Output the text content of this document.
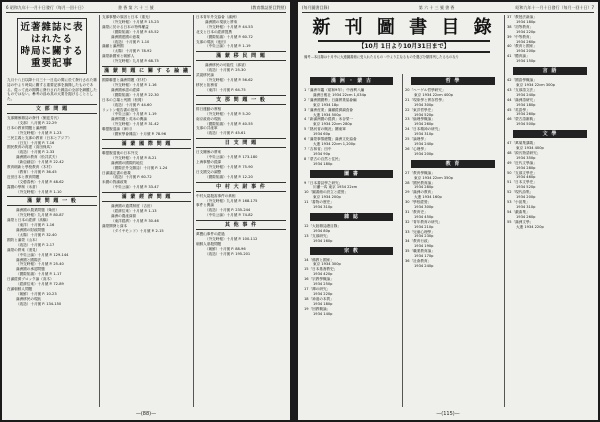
6 昭和九年十一月十日發行（每月一回十日）	書 香 第 六 十 三 號	(教育雜誌要目對照)
近著雜誌に表はれたる
時局に關する重要記事
九月十八日以降十月三十一日迄の間に於て發行された雜誌の中より時局に關する重要記事を摘錄したものである。從って此の期間に發行された雜誌の全部を網羅したものではない。參考の爲め其の大要を掲げることとした。
文 部 問 題
支那關係雜誌の發刊（劉廷芳氏）
（支那）八月號 P. 22-29
日本の教育問題と滿洲國
（外交時報）十月號 P. 1-23
三民主義と支那の教育（日本とアジア）
（日支）十月號 P. 7-16
國民教育の再建（高田保馬）
（改造）十月號 P. 2-33
滿洲國の教育（松井武夫）
（新亞細亞）十月號 P. 22-42
教育刷新と學校教育（木村）
（教育）十月號 P. 36-45
近世日本と教育問題
（文藝春秋）十月號 P. 48-62
露國の學制（米倉）
（外交時報）十月號 P. 1-10
滿 蒙 問 題 一 般
滿洲國の農業問題（柴田）
（外交時報）九月號 P. 80-87
滿蒙と日本の經濟（高橋）
（東洋）十月號 P. 1-16
滿洲國の財政問題
（太陽）十月號 P. 32-40
國防と滿蒙（山本）
（改造）十月號 P. 2-17
滿蒙の將來（淺見）
（中央公論）十月號 P. 129-144
滿洲國と國際法
（外交時報）十月號 P. 25-40
滿洲國の承認問題
（國際知識）十月號 P. 1-17
日滿經濟ブロック論（高木）
（經濟往來）十月號 P. 72-89
在滿朝鮮人問題
（朝鮮）十月號 P. 10-23
滿洲移民の現狀
（改造）十月號 P. 134-150
支那事變の原因と日本（重光）
（外交時報）十月號 P. 15-23
滿蒙に於ける日本の特殊權益
（國際知識）十月號 P. 45-52
滿洲國建國の意義
（改造）十月號 P. 1-10
滿鐵と滿洲國
（太陽）十月號 P. 78-92
滿蒙新國家と朝鮮人
（外交時報）九月號 P. 68-75
滿 蒙 問 題 に 關 す る 論 議
國際聯盟と滿洲問題（杉村）
（外交時報）十月號 P. 1-16
滿洲國承認の經緯
（國際知識）十月號 P. 22-30
日本の立場と列國（松岡）
（改造）十月號 P. 44-60
リットン報告書の批判
（中央公論）十月號 P. 1-19
滿洲問題と英米の輿論
（外交時報）十月號 P. 31-42
聯盟脫退論（神川）
（國家學會雜誌）十月號 P. 78-96
滿 蒙 國 際 問 題
聯盟脫退後の日本外交
（外交時報）十月號 P. 8-21
滿洲國の國際的地位
（國際法外交雜誌）十月號 P. 1-24
日滿議定書の意義
（改造）十月號 P. 60-72
米國の對滿政策
（中央公論）十月號 P. 33-47
滿 蒙 經 濟 問 題
滿洲國の通貨制度（吉田）
（經濟往來）十月號 P. 1-13
滿洲の農產資源
（東洋經濟）十月號 P. 30-46
滿蒙開發と資本
（ダイヤモンド）十月號 P. 2-15
日本青年外交協會（滿洲）
滿洲國の現狀と將來
（外交時報）十月號 P. 44-53
北支と日本の經濟提携
（國際知識）十月號 P. 60-72
支那の現狀（池田）
（中央公論）十月號 P. 1-19
滿 蒙 移 民 問 題
滿洲移民の可能性（那須）
（改造）十月號 P. 25-30
武裝移民論
（外交時報）十月號 P. 56-62
移民と拓務省
（東洋）十月號 P. 64-75
支 那 問 題 一 般
排日運動の實相
（外交時報）十月號 P. 5-20
南京政府の現狀
（國際知識）十月號 P. 40-55
支那の共產軍
（改造）十月號 P. 45-61
日 支 問 題
日支關係の將來
（中央公論）十月號 P. 173-180
上海事變の經緯
（外交時報）十月號 P. 75-90
日支國交の調整
（國際知識）十月號 P. 12-20
中 村 大 尉 事 件
中村大尉殺害事件の眞相
（外交時報）九月號 P. 168-175
事件と輿論
（改造）十月號 P. 235-244
（中央公論）十月號 P. 74-82
其 他 事 件
萬寶山事件の經過
（外交時報）十月號 P. 100-112
朝鮮人虐殺問題
（朝鮮）十月號 P. 88-96
（改造）十月號 P. 195-201
—(88)—
(每月圖書目錄)	第 六 十 三 號 書 香	昭和九年十一月十日發行（每月一回十日）7
新 刊 圖 書 目 錄
【10月 1日より10月31日まで】
備考…本目錄は十月中に大連圖書館に受入れたるものゝ中より主なるものを選び分類排列したるものなり
滿 洲 ・ 蒙 古
1「滿洲年鑑（昭和9年）」中西利八編
滿洲日報社 1934 22cm 1,034p
2「滿洲國國勢」日滿實業協會編
東京 1934 18p
3「滿洲産業」滿鐵經濟調査會
大連 1934 500p
4「新滿洲國の經濟」米谷榮一
東京 1934 22cm 280p
5「熱河省の概況」關東軍
1934 60p
6「滿蒙事情總覽」滿洲文化協會
大連 1934 22cm 1,200p
7「吉林省」田中
1934 90p
8「蒙古の自然と住民」
1934 180p
圖 書
9「日本書誌學之研究」
川瀬一馬 東京 1934 22cm
10「圖書館の設立と經營」
東京 1934 200p
11「書物の歴史」
1934 310p
雜 誌
12「大陸雜誌總目錄」
1934 80p
13「支那研究」
1934 160p
宗 教
14「佛教と國家」
東京 1934 300p
15「日本基督教史」
1934 420p
16「宗教學概論」
1934 250p
17「禪の研究」
1934 220p
18「神道の本質」
1934 180p
19「回教概論」
1934 140p
哲 學
20「ヘーゲル哲學研究」
東京 1934 22cm 400p
21「現象學と實存哲學」
1934 300p
22「東洋哲學史」
1934 520p
23「倫理學概論」
1934 260p
24「日本精神の研究」
1934 310p
25「論理學」
1934 240p
26「心理學」
1934 200p
教 育
27「教育學概論」
東京 1934 22cm 350p
28「國民教育論」
1934 280p
29「滿洲の教育」
大連 1934 160p
30「學校經營」
1934 300p
31「教育史」
1934 450p
32「青年教育の研究」
1934 210p
33「兒童心理學」
1934 230p
34「教育行政」
1934 190p
35「職業教育論」
1934 170p
36「社會教育」
1934 240p
37「教授法新論」
1934 180p
38「初等教育」
1934 220p
39「中等教育」
1934 260p
40「教育と國家」
1934 200p
41「體育論」
1934 150p
言 語
42「國語學概論」
東京 1934 22cm 300p
43「支那語文法」
1934 240p
44「滿洲語研究」
1934 180p
45「英語學」
1934 260p
46「蒙古語辭典」
1934 500p
文 學
47「萬葉集講義」
東京 1934 400p
48「源氏物語研究」
1934 350p
49「近代文學論」
1934 280p
50「支那文學史」
1934 460p
51「日本文學史」
1934 520p
52「現代詩集」
1934 200p
53「小説集」
1934 310p
54「戯曲集」
1934 260p
55「滿洲文學」
大連 1934 220p
—(115)—
